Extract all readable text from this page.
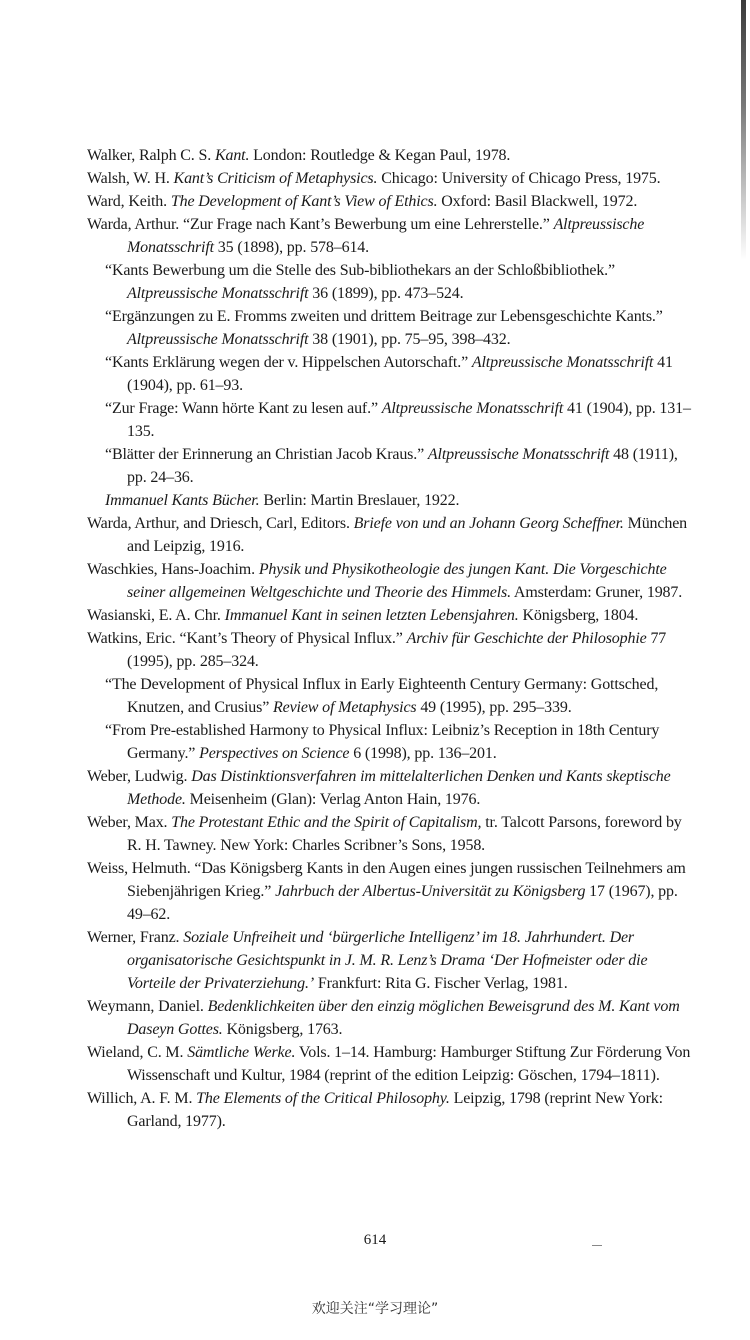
Walker, Ralph C. S. Kant. London: Routledge & Kegan Paul, 1978.

Walsh, W. H. Kant’s Criticism of Metaphysics. Chicago: University of Chicago Press, 1975.

Ward, Keith. The Development of Kant’s View of Ethics. Oxford: Basil Blackwell, 1972.

Warda, Arthur. “Zur Frage nach Kant’s Bewerbung um eine Lehrerstelle.” Altpreussische Monatsschrift 35 (1898), pp. 578–614.

“Kants Bewerbung um die Stelle des Sub-bibliothekars an der Schloßbibliothek.” Altpreussische Monatsschrift 36 (1899), pp. 473–524.

“Ergänzungen zu E. Fromms zweiten und drittem Beitrage zur Lebensgeschichte Kants.” Altpreussische Monatsschrift 38 (1901), pp. 75–95, 398–432.

“Kants Erklärung wegen der v. Hippelschen Autorschaft.” Altpreussische Monatsschrift 41 (1904), pp. 61–93.

“Zur Frage: Wann hörte Kant zu lesen auf.” Altpreussische Monatsschrift 41 (1904), pp. 131–135.

“Blätter der Erinnerung an Christian Jacob Kraus.” Altpreussische Monatsschrift 48 (1911), pp. 24–36.

Immanuel Kants Bücher. Berlin: Martin Breslauer, 1922.

Warda, Arthur, and Driesch, Carl, Editors. Briefe von und an Johann Georg Scheffner. München and Leipzig, 1916.

Waschkies, Hans-Joachim. Physik und Physikotheologie des jungen Kant. Die Vorgeschichte seiner allgemeinen Weltgeschichte und Theorie des Himmels. Amsterdam: Gruner, 1987.

Wasianski, E. A. Chr. Immanuel Kant in seinen letzten Lebensjahren. Königsberg, 1804.

Watkins, Eric. “Kant’s Theory of Physical Influx.” Archiv für Geschichte der Philosophie 77 (1995), pp. 285–324.

“The Development of Physical Influx in Early Eighteenth Century Germany: Gottsched, Knutzen, and Crusius” Review of Metaphysics 49 (1995), pp. 295–339.

“From Pre-established Harmony to Physical Influx: Leibniz’s Reception in 18th Century Germany.” Perspectives on Science 6 (1998), pp. 136–201.

Weber, Ludwig. Das Distinktionsverfahren im mittelalterlichen Denken und Kants skeptische Methode. Meisenheim (Glan): Verlag Anton Hain, 1976.

Weber, Max. The Protestant Ethic and the Spirit of Capitalism, tr. Talcott Parsons, foreword by R. H. Tawney. New York: Charles Scribner’s Sons, 1958.

Weiss, Helmuth. “Das Königsberg Kants in den Augen eines jungen russischen Teilnehmers am Siebenjährigen Krieg.” Jahrbuch der Albertus-Universität zu Königsberg 17 (1967), pp. 49–62.

Werner, Franz. Soziale Unfreiheit und ‘bürgerliche Intelligenz’ im 18. Jahrhundert. Der organisatorische Gesichtspunkt in J. M. R. Lenz’s Drama ‘Der Hofmeister oder die Vorteile der Privaterziehung.’ Frankfurt: Rita G. Fischer Verlag, 1981.

Weymann, Daniel. Bedenklichkeiten über den einzig möglichen Beweisgrund des M. Kant vom Daseyn Gottes. Königsberg, 1763.

Wieland, C. M. Sämtliche Werke. Vols. 1–14. Hamburg: Hamburger Stiftung Zur Förderung Von Wissenschaft und Kultur, 1984 (reprint of the edition Leipzig: Göschen, 1794–1811).

Willich, A. F. M. The Elements of the Critical Philosophy. Leipzig, 1798 (reprint New York: Garland, 1977).

614
欢迎关注“学习理论”
